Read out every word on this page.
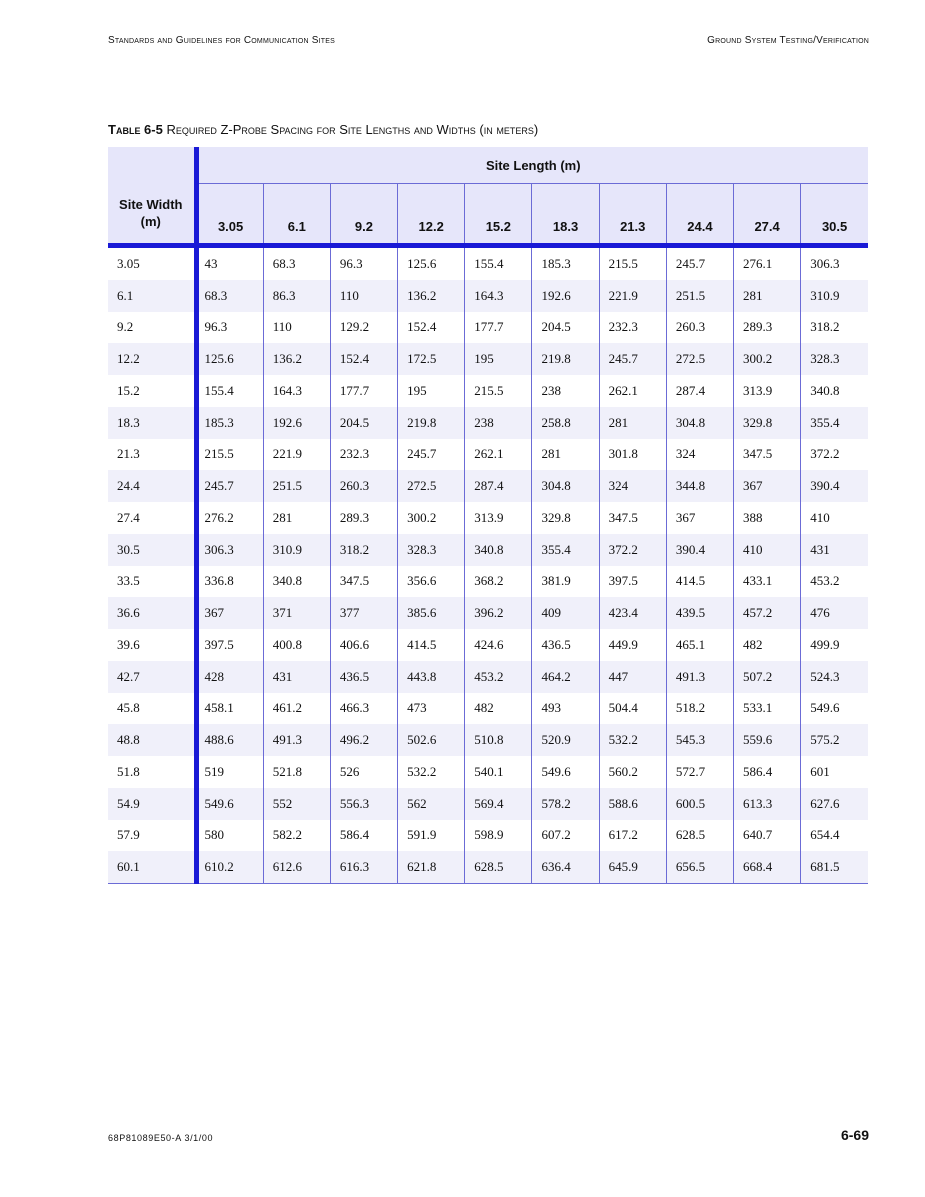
Standards and Guidelines for Communication Sites	Ground System Testing/Verification
Table 6-5 Required Z-Probe Spacing for Site Lengths and Widths (in meters)
	Site Length (m)									
Site Width (m)	3.05	6.1	9.2	12.2	15.2	18.3	21.3	24.4	27.4	30.5
3.05	43	68.3	96.3	125.6	155.4	185.3	215.5	245.7	276.1	306.3
6.1	68.3	86.3	110	136.2	164.3	192.6	221.9	251.5	281	310.9
9.2	96.3	110	129.2	152.4	177.7	204.5	232.3	260.3	289.3	318.2
12.2	125.6	136.2	152.4	172.5	195	219.8	245.7	272.5	300.2	328.3
15.2	155.4	164.3	177.7	195	215.5	238	262.1	287.4	313.9	340.8
18.3	185.3	192.6	204.5	219.8	238	258.8	281	304.8	329.8	355.4
21.3	215.5	221.9	232.3	245.7	262.1	281	301.8	324	347.5	372.2
24.4	245.7	251.5	260.3	272.5	287.4	304.8	324	344.8	367	390.4
27.4	276.2	281	289.3	300.2	313.9	329.8	347.5	367	388	410
30.5	306.3	310.9	318.2	328.3	340.8	355.4	372.2	390.4	410	431
33.5	336.8	340.8	347.5	356.6	368.2	381.9	397.5	414.5	433.1	453.2
36.6	367	371	377	385.6	396.2	409	423.4	439.5	457.2	476
39.6	397.5	400.8	406.6	414.5	424.6	436.5	449.9	465.1	482	499.9
42.7	428	431	436.5	443.8	453.2	464.2	447	491.3	507.2	524.3
45.8	458.1	461.2	466.3	473	482	493	504.4	518.2	533.1	549.6
48.8	488.6	491.3	496.2	502.6	510.8	520.9	532.2	545.3	559.6	575.2
51.8	519	521.8	526	532.2	540.1	549.6	560.2	572.7	586.4	601
54.9	549.6	552	556.3	562	569.4	578.2	588.6	600.5	613.3	627.6
57.9	580	582.2	586.4	591.9	598.9	607.2	617.2	628.5	640.7	654.4
60.1	610.2	612.6	616.3	621.8	628.5	636.4	645.9	656.5	668.4	681.5
68P81089E50-A 3/1/00	6-69
